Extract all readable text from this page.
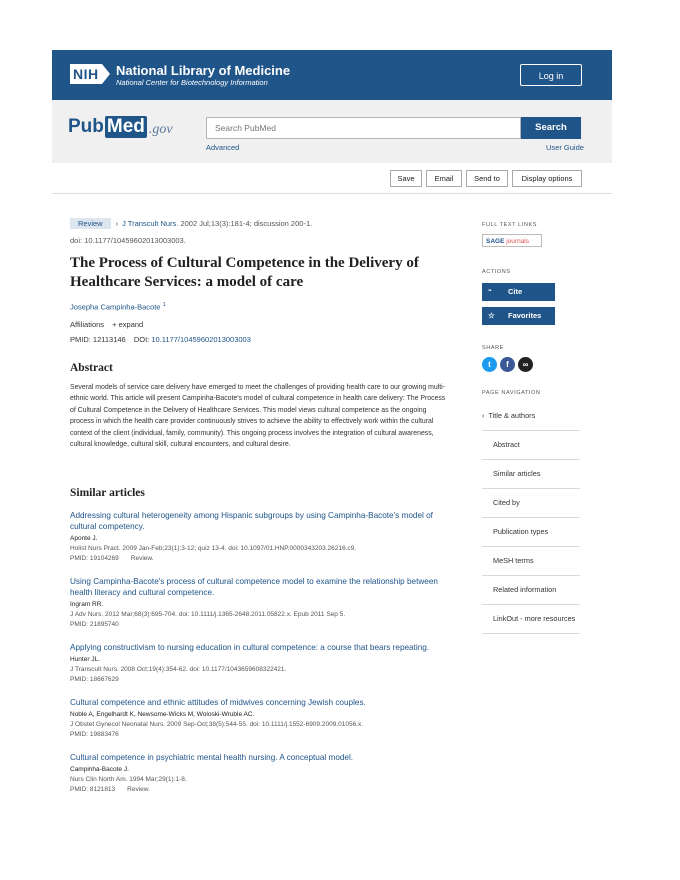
NIH National Library of Medicine
National Center for Biotechnology Information
Log in
Pub Med .gov	Search PubMed	Search
Advanced	User Guide
Save	Email	Send to	Display options
Review	› J Transcult Nurs . 2002 Jul;13(3):181-4; discussion 200-1.
doi: 10.1177/10459602013003003.
The Process of Cultural Competence in the Delivery of Healthcare Services: a model of care
Josepha Campinha-Bacote $^1$
Affiliations + expand
PMID: 12113146 DOI: 10.1177/10459602013003003
Abstract

Several models of service care delivery have emerged to meet the challenges of providing health care to our growing multi-ethnic world. This article will present Campinha-Bacote's model of cultural competence in health care delivery: The Process of Cultural Competence in the Delivery of Healthcare Services. This model views cultural competence as the ongoing process in which the health care provider continuously strives to achieve the ability to effectively work within the cultural context of the client (individual, family, community). This ongoing process involves the integration of cultural awareness, cultural knowledge, cultural skill, cultural encounters, and cultural desire.

Similar articles
Addressing cultural heterogeneity among Hispanic subgroups by using Campinha-Bacote's model of cultural competency.
Aponte J.
Holist Nurs Pract. 2009 Jan-Feb;23(1):3-12; quiz 13-4. doi: 10.1097/01.HNP.0000343203.26216.c9.
PMID: 19104269 Review.
Using Campinha-Bacote's process of cultural competence model to examine the relationship between health literacy and cultural competence.
Ingram RR.
J Adv Nurs. 2012 Mar;68(3):695-704. doi: 10.1111/j.1365-2648.2011.05822.x. Epub 2011 Sep 5.
PMID: 21895740
Applying constructivism to nursing education in cultural competence: a course that bears repeating.
Hunter JL.
J Transcult Nurs. 2008 Oct;19(4):354-62. doi: 10.1177/1043659608322421.
PMID: 18667629
Cultural competence and ethnic attitudes of midwives concerning Jewish couples.
Noble A, Engelhardt K, Newsome-Wicks M, Woloski-Wruble AC.
J Obstet Gynecol Neonatal Nurs. 2009 Sep-Oct;38(5):544-55. doi: 10.1111/j.1552-6909.2009.01056.x.
PMID: 19883476
Cultural competence in psychiatric mental health nursing. A conceptual model.
Campinha-Bacote J.
Nurs Clin North Am. 1994 Mar;29(1):1-8.
PMID: 8121813 Review.
FULL TEXT LINKS
SAGE journals
ACTIONS
“	Cite
☆	Favorites
SHARE
t	f	∞
PAGE NAVIGATION
‹ Title & authors
Abstract
Similar articles
Cited by
Publication types
MeSH terms
Related information
LinkOut - more resources
